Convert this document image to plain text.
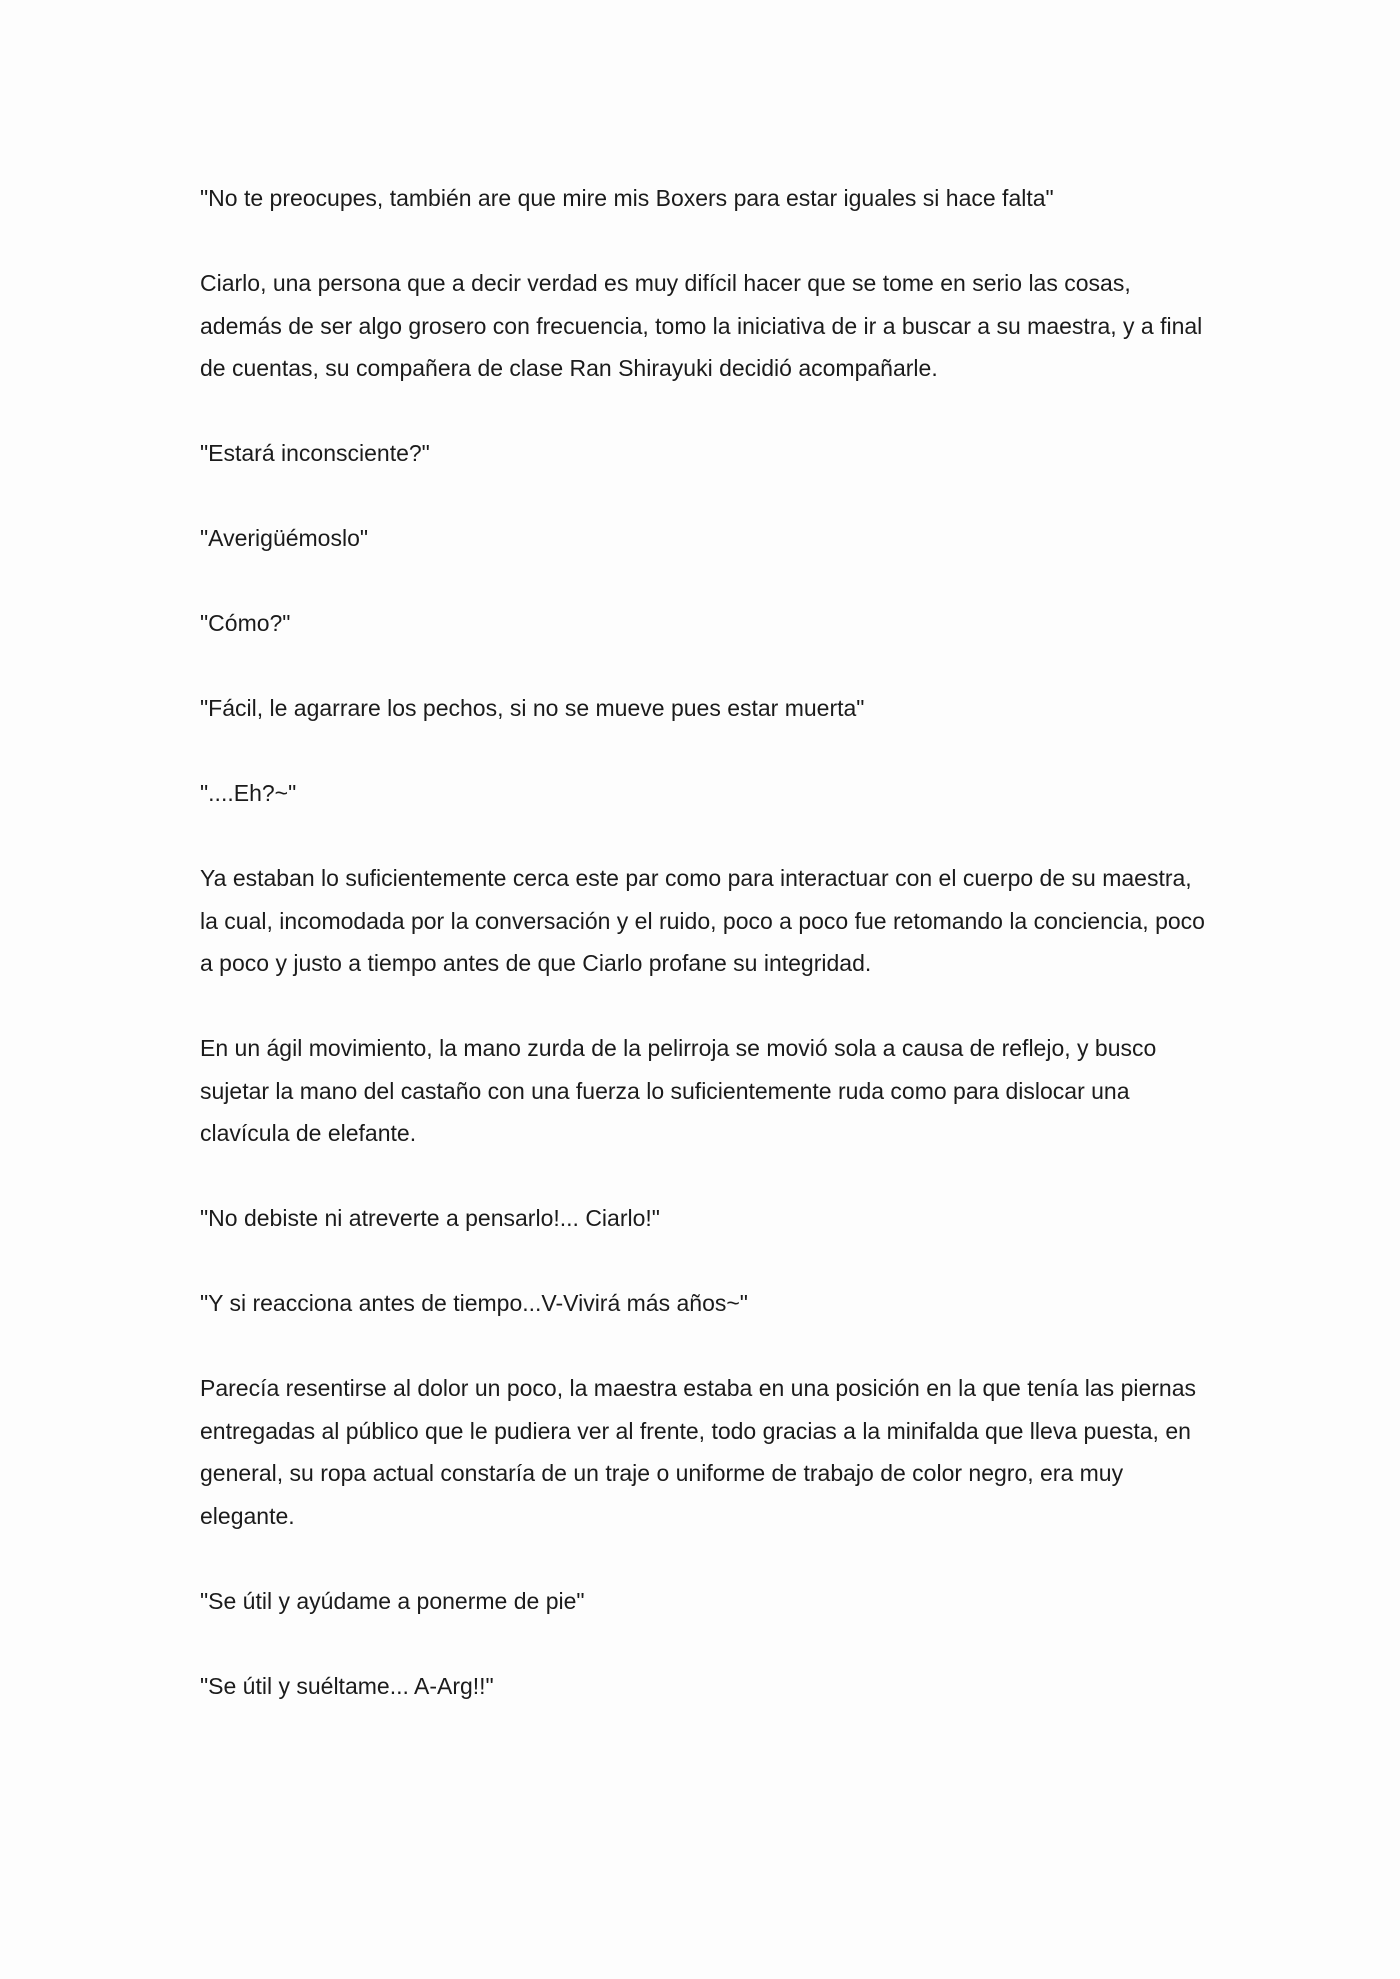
"No te preocupes, también are que mire mis Boxers para estar iguales si hace falta"

Ciarlo, una persona que a decir verdad es muy difícil hacer que se tome en serio las cosas, además de ser algo grosero con frecuencia, tomo la iniciativa de ir a buscar a su maestra, y a final de cuentas, su compañera de clase Ran Shirayuki decidió acompañarle.

"Estará inconsciente?"

"Averigüémoslo"

"Cómo?"

"Fácil, le agarrare los pechos, si no se mueve pues estar muerta"

"....Eh?~"

Ya estaban lo suficientemente cerca este par como para interactuar con el cuerpo de su maestra, la cual, incomodada por la conversación y el ruido, poco a poco fue retomando la conciencia, poco a poco y justo a tiempo antes de que Ciarlo profane su integridad.

En un ágil movimiento, la mano zurda de la pelirroja se movió sola a causa de reflejo, y busco sujetar la mano del castaño con una fuerza lo suficientemente ruda como para dislocar una clavícula de elefante.

"No debiste ni atreverte a pensarlo!... Ciarlo!"

"Y si reacciona antes de tiempo...V-Vivirá más años~"

Parecía resentirse al dolor un poco, la maestra estaba en una posición en la que tenía las piernas entregadas al público que le pudiera ver al frente, todo gracias a la minifalda que lleva puesta, en general, su ropa actual constaría de un traje o uniforme de trabajo de color negro, era muy elegante.

"Se útil y ayúdame a ponerme de pie"

"Se útil y suéltame... A-Arg!!"
